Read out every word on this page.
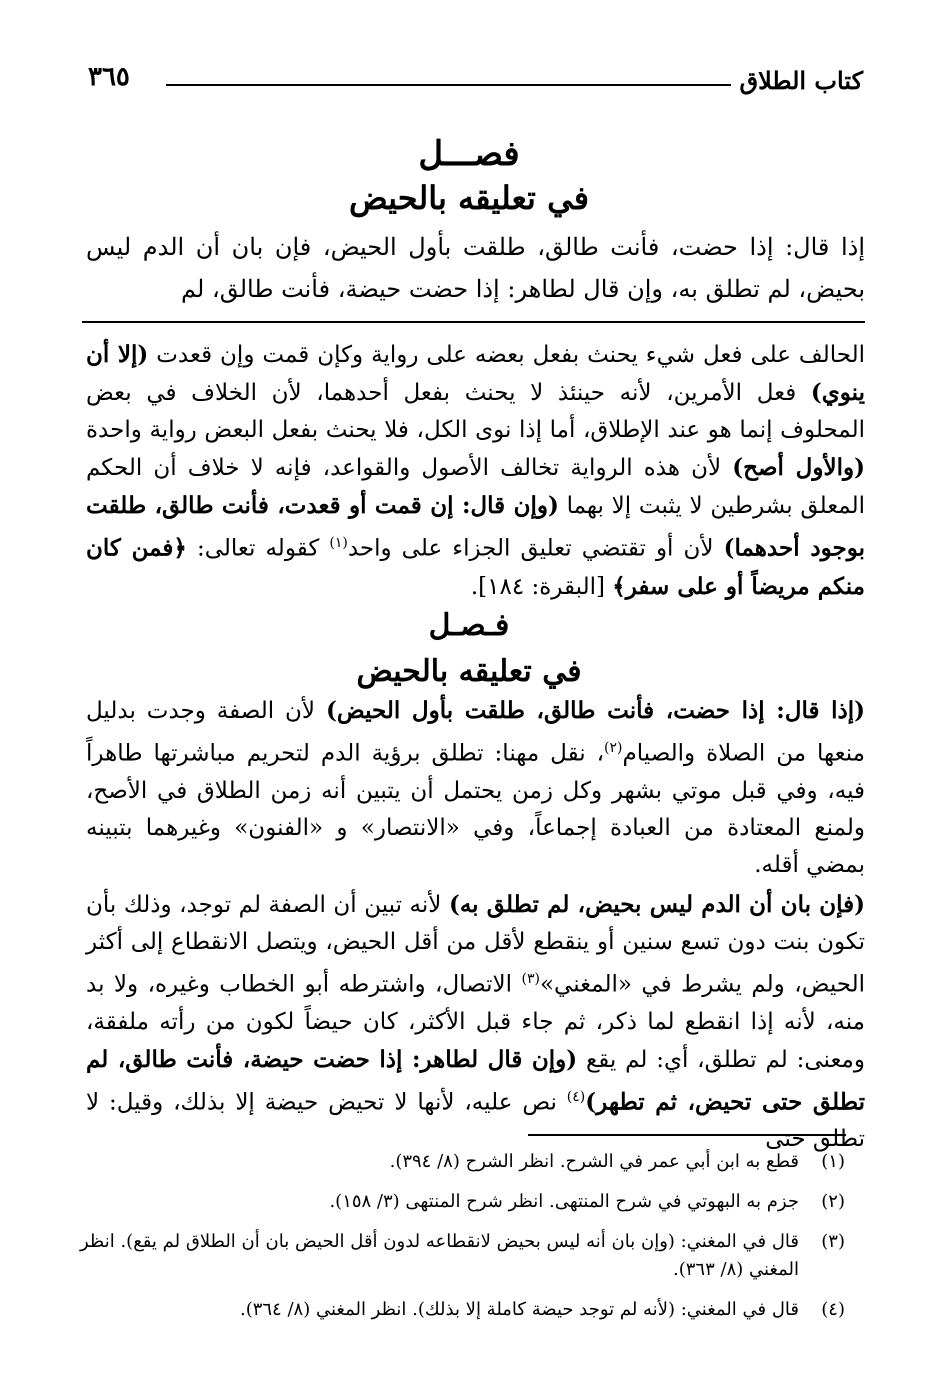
كتاب الطلاق
٣٦٥
فصـــل
في تعليقه بالحيض
إذا قال: إذا حضت، فأنت طالق، طلقت بأول الحيض، فإن بان أن الدم ليس بحيض، لم تطلق به، وإن قال لطاهر: إذا حضت حيضة، فأنت طالق، لم

الحالف على فعل شيء يحنث بفعل بعضه على رواية وكإن قمت وإن قعدت (إلا أن ينوي) فعل الأمرين، لأنه حينئذ لا يحنث بفعل أحدهما، لأن الخلاف في بعض المحلوف إنما هو عند الإطلاق، أما إذا نوى الكل، فلا يحنث بفعل البعض رواية واحدة (والأول أصح) لأن هذه الرواية تخالف الأصول والقواعد، فإنه لا خلاف أن الحكم المعلق بشرطين لا يثبت إلا بهما (وإن قال: إن قمت أو قعدت، فأنت طالق، طلقت بوجود أحدهما) لأن أو تقتضي تعليق الجزاء على واحد$^{(١)}$ كقوله تعالى: ﴿فمن كان منكم مريضاً أو على سفر﴾ [البقرة: ١٨٤].

فـصـل
في تعليقه بالحيض

(إذا قال: إذا حضت، فأنت طالق، طلقت بأول الحيض) لأن الصفة وجدت بدليل منعها من الصلاة والصيام$^{(٢)}$، نقل مهنا: تطلق برؤية الدم لتحريم مباشرتها طاهراً فيه، وفي قبل موتي بشهر وكل زمن يحتمل أن يتبين أنه زمن الطلاق في الأصح، ولمنع المعتادة من العبادة إجماعاً، وفي «الانتصار» و «الفنون» وغيرهما بتبينه بمضي أقله.

(فإن بان أن الدم ليس بحيض، لم تطلق به) لأنه تبين أن الصفة لم توجد، وذلك بأن تكون بنت دون تسع سنين أو ينقطع لأقل من أقل الحيض، ويتصل الانقطاع إلى أكثر الحيض، ولم يشرط في «المغني»$^{(٣)}$ الاتصال، واشترطه أبو الخطاب وغيره، ولا بد منه، لأنه إذا انقطع لما ذكر، ثم جاء قبل الأكثر، كان حيضاً لكون من رأته ملفقة، ومعنى: لم تطلق، أي: لم يقع (وإن قال لطاهر: إذا حضت حيضة، فأنت طالق، لم تطلق حتى تحيض، ثم تطهر)$^{(٤)}$ نص عليه، لأنها لا تحيض حيضة إلا بذلك، وقيل: لا تطلق حتى

(١)
قطع به ابن أبي عمر في الشرح. انظر الشرح (٨/ ٣٩٤).
(٢)
جزم به البهوتي في شرح المنتهى. انظر شرح المنتهى (٣/ ١٥٨).
(٣)
قال في المغني: (وإن بان أنه ليس بحيض لانقطاعه لدون أقل الحيض بان أن الطلاق لم يقع). انظر المغني (٨/ ٣٦٣).
(٤)
قال في المغني: (لأنه لم توجد حيضة كاملة إلا بذلك). انظر المغني (٨/ ٣٦٤).
